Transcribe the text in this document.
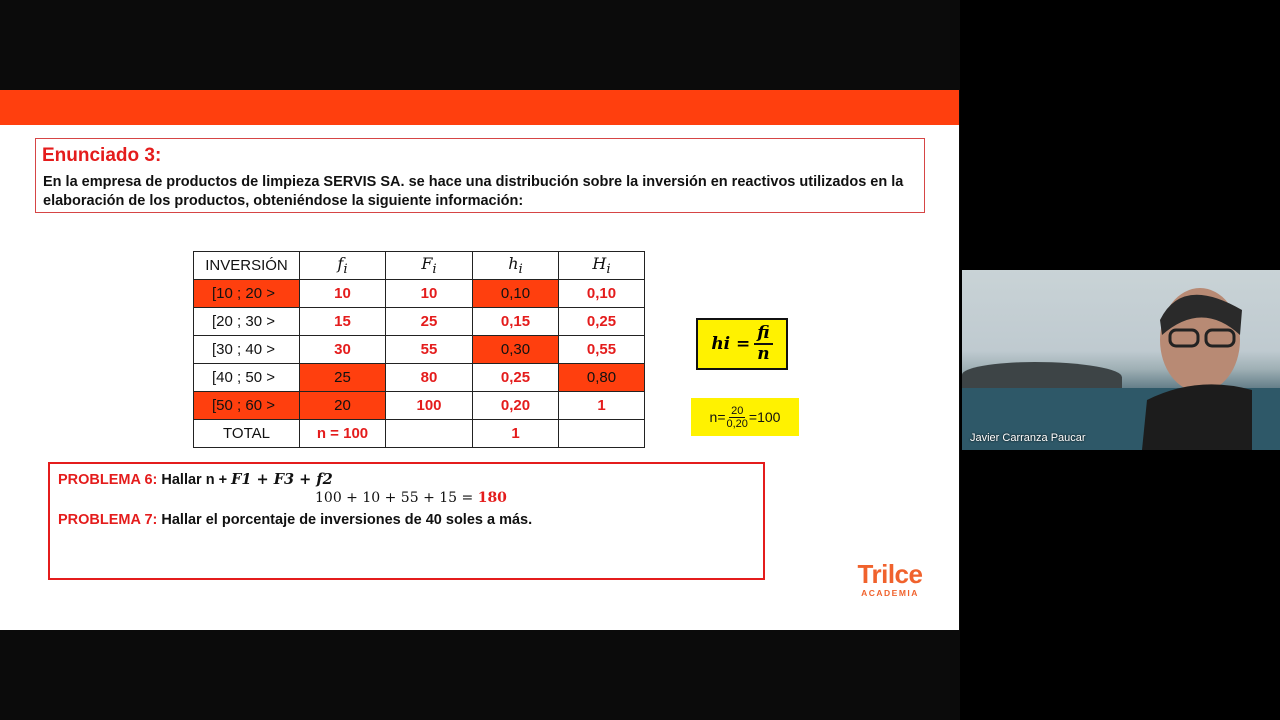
Enunciado 3:
En la empresa de productos de limpieza SERVIS SA. se hace una distribución sobre la inversión en reactivos utilizados en la elaboración de los productos, obteniéndose la siguiente información:
INVERSIÓN	$f_i$	$F_i$	$h_i$	$H_i$
[10 ; 20 >	10	10	0,10	0,10
[20 ; 30 >	15	25	0,15	0,25
[30 ; 40 >	30	55	0,30	0,55
[40 ; 50 >	25	80	0,25	0,80
[50 ; 60 >	20	100	0,20	1
TOTAL	n = 100		1	
hi = $\frac{fi}{n}$
$n= \frac{20}{0,20} =100$
PROBLEMA 6: Hallar n + F1 + F3 + f2
100 + 10 + 55 + 15 = 180
PROBLEMA 7: Hallar el porcentaje de inversiones de 40 soles a más.
Trilce
ACADEMIA
Javier Carranza Paucar
